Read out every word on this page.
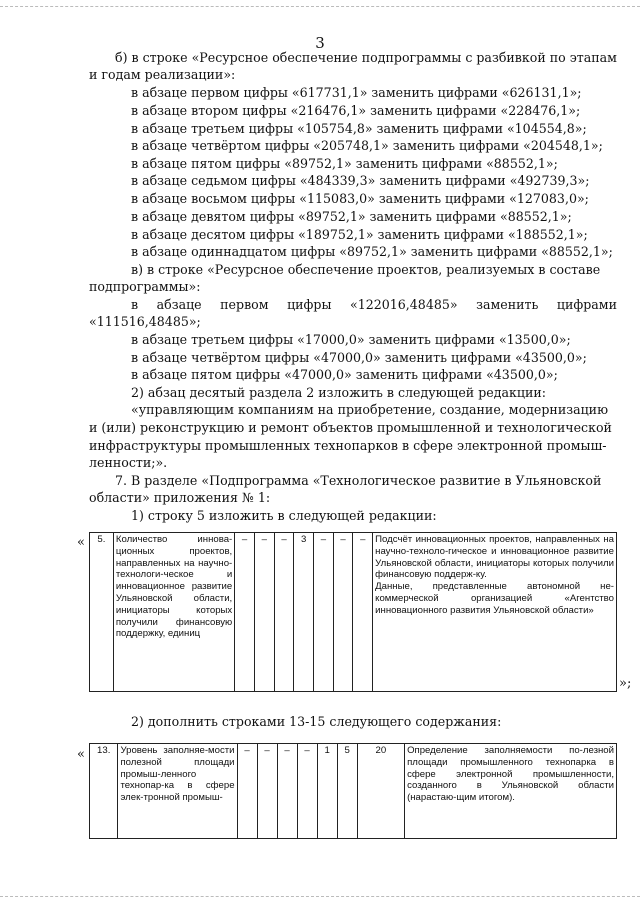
3
б) в строке «Ресурсное обеспечение подпрограммы с разбивкой по этапам
и годам реализации»:
в абзаце первом цифры «617731,1» заменить цифрами «626131,1»;
в абзаце втором цифры «216476,1» заменить цифрами «228476,1»;
в абзаце третьем цифры «105754,8» заменить цифрами «104554,8»;
в абзаце четвёртом цифры «205748,1» заменить цифрами «204548,1»;
в абзаце пятом цифры «89752,1» заменить цифрами «88552,1»;
в абзаце седьмом цифры «484339,3» заменить цифрами «492739,3»;
в абзаце восьмом цифры «115083,0» заменить цифрами «127083,0»;
в абзаце девятом цифры «89752,1» заменить цифрами «88552,1»;
в абзаце десятом цифры «189752,1» заменить цифрами «188552,1»;
в абзаце одиннадцатом цифры «89752,1» заменить цифрами «88552,1»;
в) в строке «Ресурсное обеспечение проектов, реализуемых в составе
подпрограммы»:
в абзаце первом цифры «122016,48485» заменить цифрами
«111516,48485»;
в абзаце третьем цифры «17000,0» заменить цифрами «13500,0»;
в абзаце четвёртом цифры «47000,0» заменить цифрами «43500,0»;
в абзаце пятом цифры «47000,0» заменить цифрами «43500,0»;
2) абзац десятый раздела 2 изложить в следующей редакции:
«управляющим компаниям на приобретение, создание, модернизацию
и (или) реконструкцию и ремонт объектов промышленной и технологической
инфраструктуры промышленных технопарков в сфере электронной промыш-
ленности;».
7. В разделе «Подпрограмма «Технологическое развитие в Ульяновской
области» приложения № 1:
1) строку 5 изложить в следующей редакции:
« 5.	Количество иннова-ционных проектов, направленных на научно-технологи-ческое и инновационное развитие Ульяновской области, инициаторы которых получили финансовую поддержку, единиц	–	–	–	3	–	–	–	Подсчёт инновационных проектов, направленных на научно-техноло-гическое и инновационное развитие Ульяновской области, инициаторы которых получили финансовую поддерж-ку.
Данные, представленные автономной не-коммерческой организацией «Агентство инновационного развития Ульяновской области»
»;
2) дополнить строками 13-15 следующего содержания:
« 13.	Уровень заполняе-мости полезной площади промыш-ленного технопар-ка в сфере элек-тронной промыш-	–	–	–	–	1	5	20	Определение заполняемости по-лезной площади промышленного технопарка в сфере электронной промышленности, созданного в Ульяновской области (нарастаю-щим итогом).
